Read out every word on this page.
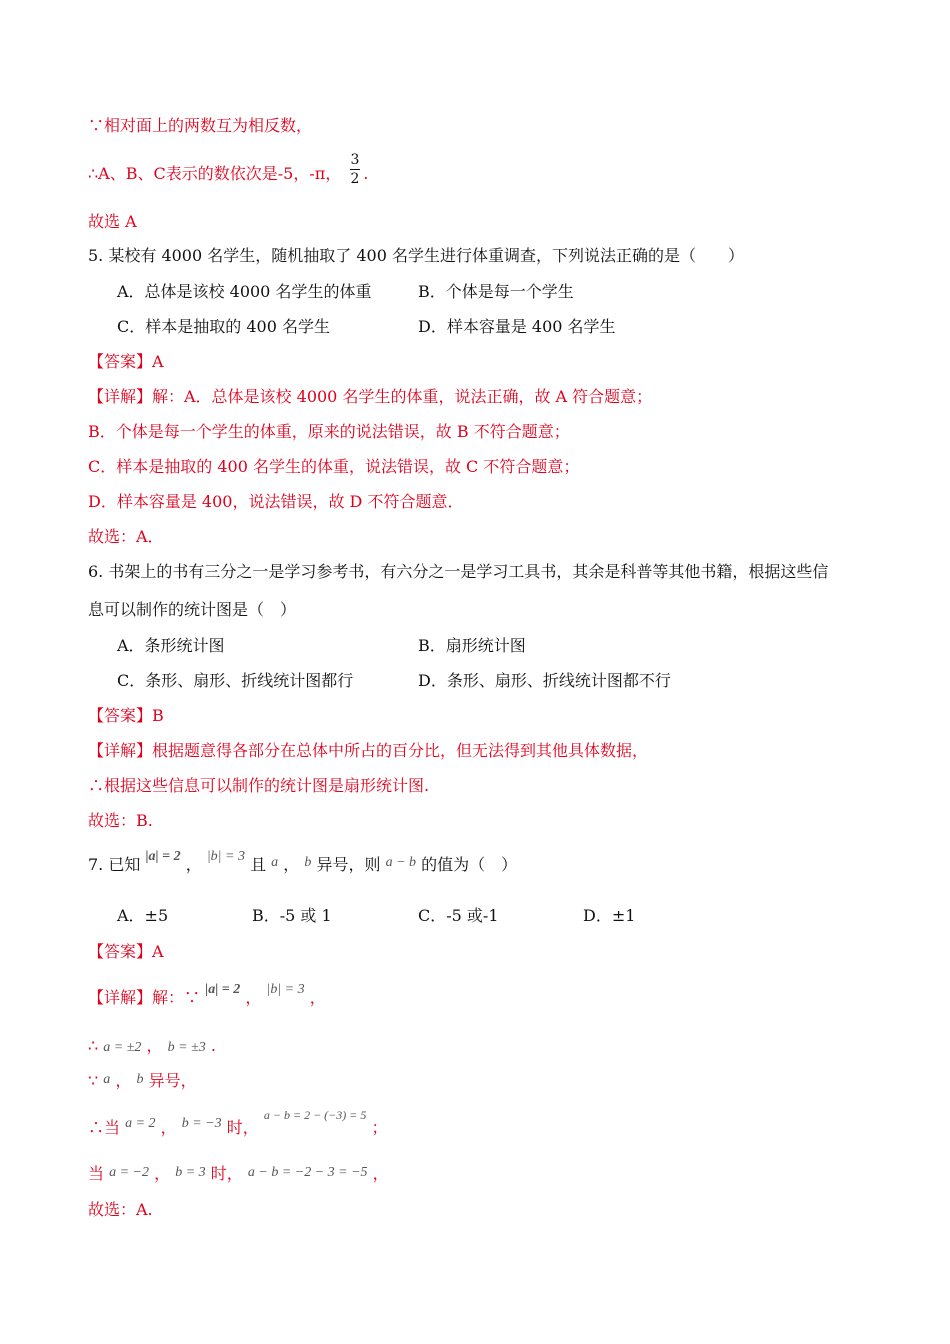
∵相对面上的两数互为相反数，
∴A、B、C表示的数依次是-5，-π， .
3
2
故选 A
5. 某校有 4000 名学生，随机抽取了 400 名学生进行体重调查，下列说法正确的是（　　）
A．总体是该校 4000 名学生的体重	B．个体是每一个学生
C．样本是抽取的 400 名学生	D．样本容量是 400 名学生
【答案】A
【详解】解：A．总体是该校 4000 名学生的体重，说法正确，故 A 符合题意；
B．个体是每一个学生的体重，原来的说法错误，故 B 不符合题意；
C．样本是抽取的 400 名学生的体重，说法错误，故 C 不符合题意；
D．样本容量是 400，说法错误，故 D 不符合题意．
故选：A．
6. 书架上的书有三分之一是学习参考书，有六分之一是学习工具书，其余是科普等其他书籍，根据这些信
息可以制作的统计图是（　）
A．条形统计图	B．扇形统计图
C．条形、扇形、折线统计图都行	D．条形、扇形、折线统计图都不行
【答案】B
【详解】根据题意得各部分在总体中所占的百分比，但无法得到其他具体数据，
∴根据这些信息可以制作的统计图是扇形统计图.
故选：B.
7. 已知 |a| = 2 ， |b| = 3 且 a ， b 异号，则 a − b 的值为（　）
A．±5	B．-5 或 1	C．-5 或-1	D．±1
【答案】A
【详解】解：∵ |a| = 2 ， |b| = 3 ，
∴ a = ±2 ， b = ±3 .
∵ a ， b 异号，
∴当 a = 2 ， b = −3 时， $^{a - b = 2 - (-3) = 5}$ ；
当 a = −2 ， b = 3 时， a − b = −2 − 3 = −5 ，
故选：A.
